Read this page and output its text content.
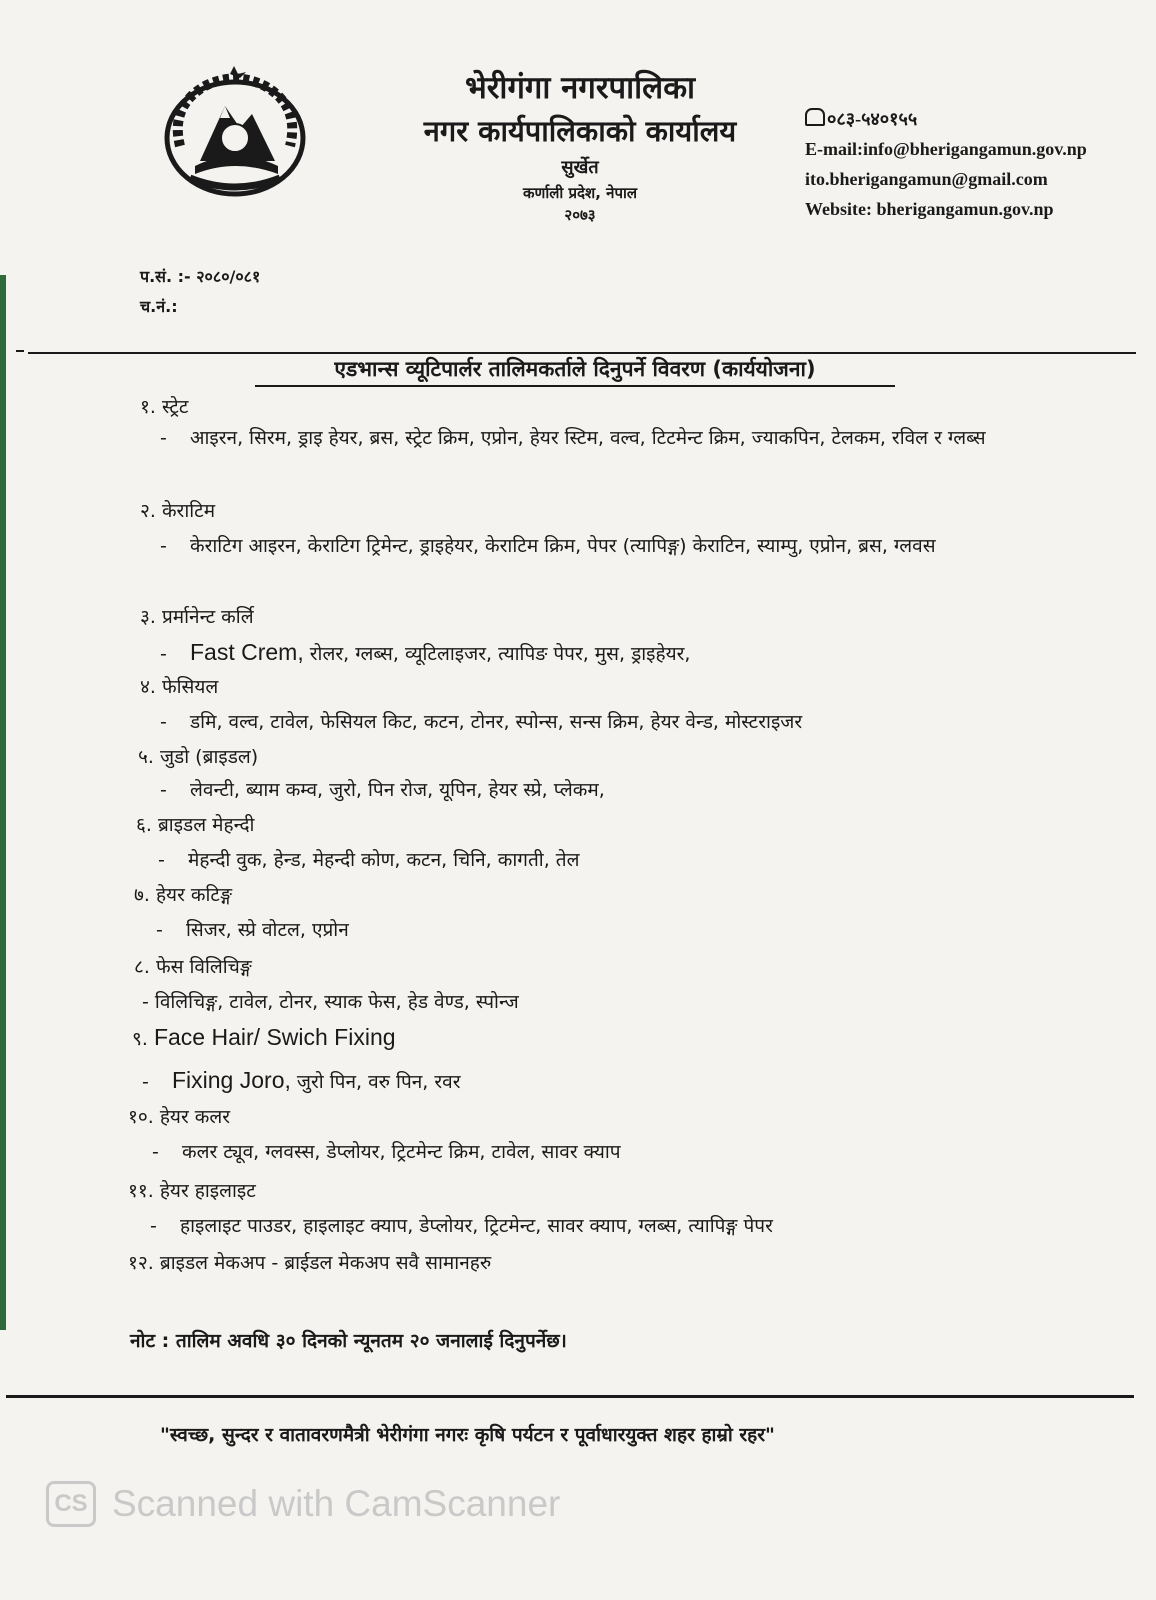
भेरीगंगा नगरपालिका
नगर कार्यपालिकाको कार्यालय
सुर्खेत
कर्णाली प्रदेश, नेपाल
२०७३
०८३-५४०१५५
E-mail:info@bherigangamun.gov.np
ito.bherigangamun@gmail.com
Website: bherigangamun.gov.np
प.सं. :- २०८०/०८१
च.नं.:
एडभान्स व्यूटिपार्लर तालिमकर्ताले दिनुपर्ने विवरण (कार्ययोजना)
१. स्ट्रेट
- आइरन, सिरम, ड्राइ हेयर, ब्रस, स्ट्रेट क्रिम, एप्रोन, हेयर स्टिम, वल्व, टिटमेन्ट क्रिम, ज्याकपिन, टेलकम, रविल र ग्लब्स
२. केराटिम
- केराटिग आइरन, केराटिग ट्रिमेन्ट, ड्राइहेयर, केराटिम क्रिम, पेपर (त्यापिङ्ग) केराटिन, स्याम्पु, एप्रोन, ब्रस, ग्लवस
३. प्रर्मानेन्ट कर्लि
- Fast Crem, रोलर, ग्लब्स, व्यूटिलाइजर, त्यापिङ पेपर, मुस, ड्राइहेयर,
४. फेसियल
- डमि, वल्व, टावेल, फेसियल किट, कटन, टोनर, स्पोन्स, सन्स क्रिम, हेयर वेन्ड, मोस्टराइजर
५. जुडो (ब्राइडल)
- लेवन्टी, ब्याम कम्व, जुरो, पिन रोज, यूपिन, हेयर स्प्रे, प्लेकम,
६. ब्राइडल मेहन्दी
- मेहन्दी वुक, हेन्ड, मेहन्दी कोण, कटन, चिनि, कागती, तेल
७. हेयर कटिङ्ग
- सिजर, स्प्रे वोटल, एप्रोन
८. फेस विलिचिङ्ग
- विलिचिङ्ग, टावेल, टोनर, स्याक फेस, हेड वेण्ड, स्पोन्ज
९. Face Hair/ Swich Fixing
- Fixing Joro, जुरो पिन, वरु पिन, रवर
१०. हेयर कलर
- कलर ट्यूव, ग्लवस्स, डेप्लोयर, ट्रिटमेन्ट क्रिम, टावेल, सावर क्याप
११. हेयर हाइलाइट
- हाइलाइट पाउडर, हाइलाइट क्याप, डेप्लोयर, ट्रिटमेन्ट, सावर क्याप, ग्लब्स, त्यापिङ्ग पेपर
१२. ब्राइडल मेकअप - ब्राईडल मेकअप सवै सामानहरु
नोट : तालिम अवधि ३० दिनको न्यूनतम २० जनालाई दिनुपर्नेछ।
"स्वच्छ, सुन्दर र वातावरणमैत्री भेरीगंगा नगरः कृषि पर्यटन र पूर्वाधारयुक्त शहर हाम्रो रहर"
CS Scanned with CamScanner
